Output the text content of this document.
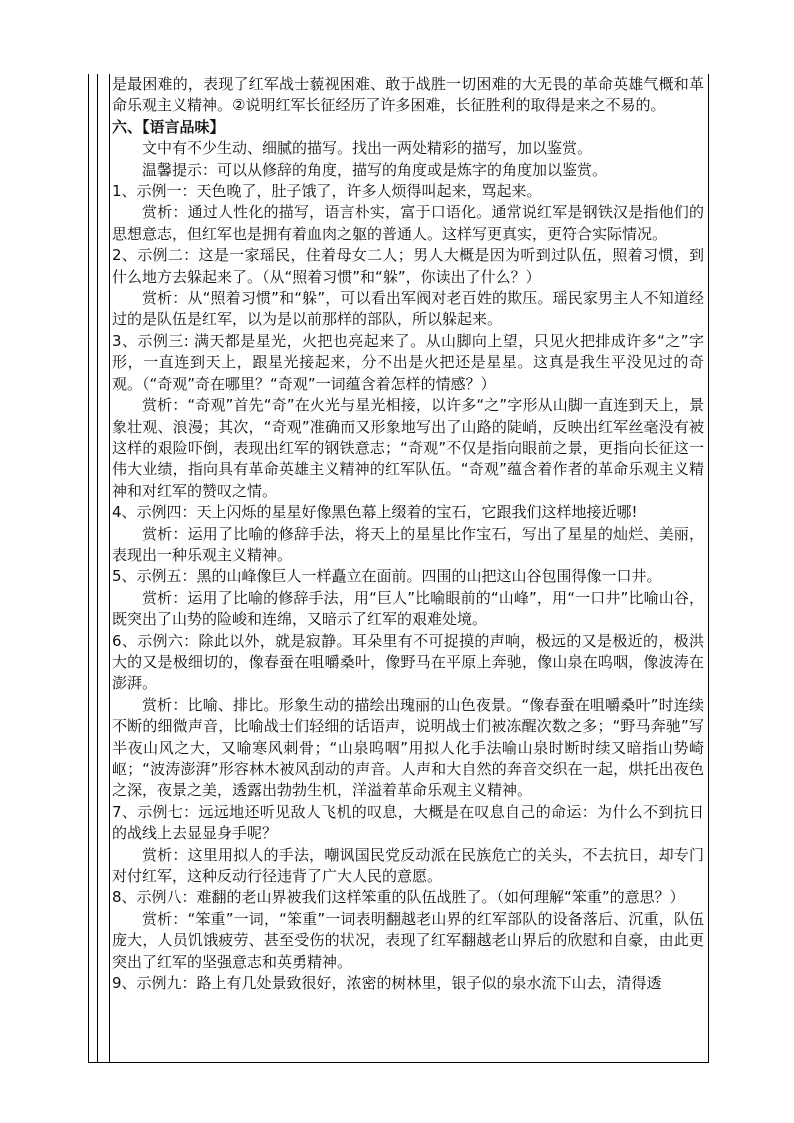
是最困难的，表现了红军战士藐视困难、敢于战胜一切困难的大无畏的革命英雄气概和革命乐观主义精神。②说明红军长征经历了许多困难，长征胜利的取得是来之不易的。

六、【语言品味】

文中有不少生动、细腻的描写。找出一两处精彩的描写，加以鉴赏。

温馨提示：可以从修辞的角度，描写的角度或是炼字的角度加以鉴赏。

1、示例一：天色晚了，肚子饿了，许多人烦得叫起来，骂起来。

赏析：通过人性化的描写，语言朴实，富于口语化。通常说红军是钢铁汉是指他们的思想意志，但红军也是拥有着血肉之躯的普通人。这样写更真实，更符合实际情况。

2、示例二：这是一家瑶民，住着母女二人；男人大概是因为听到过队伍，照着习惯，到什么地方去躲起来了。（从“照着习惯”和“躲”，你读出了什么？）

赏析：从“照着习惯”和“躲”，可以看出军阀对老百姓的欺压。瑶民家男主人不知道经过的是队伍是红军，以为是以前那样的部队，所以躲起来。

3、示例三: 满天都是星光，火把也亮起来了。从山脚向上望，只见火把排成许多“之”字形，一直连到天上，跟星光接起来，分不出是火把还是星星。这真是我生平没见过的奇观。（“奇观”奇在哪里？“奇观”一词蕴含着怎样的情感？）

赏析：“奇观”首先“奇”在火光与星光相接，以许多“之”字形从山脚一直连到天上，景象壮观、浪漫；其次，“奇观”准确而又形象地写出了山路的陡峭，反映出红军丝毫没有被这样的艰险吓倒，表现出红军的钢铁意志；“奇观”不仅是指向眼前之景，更指向长征这一伟大业绩，指向具有革命英雄主义精神的红军队伍。“奇观”蕴含着作者的革命乐观主义精神和对红军的赞叹之情。

4、示例四：天上闪烁的星星好像黑色幕上缀着的宝石，它跟我们这样地接近哪!

赏析：运用了比喻的修辞手法，将天上的星星比作宝石，写出了星星的灿烂、美丽，表现出一种乐观主义精神。

5、示例五：黑的山峰像巨人一样矗立在面前。四围的山把这山谷包围得像一口井。

赏析：运用了比喻的修辞手法，用“巨人”比喻眼前的“山峰”，用“一口井”比喻山谷，既突出了山势的险峻和连绵，又暗示了红军的艰难处境。

6、示例六：除此以外，就是寂静。耳朵里有不可捉摸的声响，极远的又是极近的，极洪大的又是极细切的，像春蚕在咀嚼桑叶，像野马在平原上奔驰，像山泉在呜咽，像波涛在澎湃。

赏析：比喻、排比。形象生动的描绘出瑰丽的山色夜景。“像春蚕在咀嚼桑叶”时连续不断的细微声音，比喻战士们轻细的话语声，说明战士们被冻醒次数之多；“野马奔驰”写半夜山风之大，又喻寒风刺骨；“山泉呜咽”用拟人化手法喻山泉时断时续又暗指山势崎岖；“波涛澎湃”形容林木被风刮动的声音。人声和大自然的奔音交织在一起，烘托出夜色之深，夜景之美，透露出勃勃生机，洋溢着革命乐观主义精神。

7、示例七：远远地还听见敌人飞机的叹息，大概是在叹息自己的命运：为什么不到抗日的战线上去显显身手呢？

赏析：这里用拟人的手法，嘲讽国民党反动派在民族危亡的关头，不去抗日，却专门对付红军，这种反动行径违背了广大人民的意愿。

8、示例八：难翻的老山界被我们这样笨重的队伍战胜了。（如何理解“笨重”的意思？）

赏析：“笨重”一词，“笨重”一词表明翻越老山界的红军部队的设备落后、沉重，队伍庞大，人员饥饿疲劳、甚至受伤的状况，表现了红军翻越老山界后的欣慰和自豪，由此更突出了红军的坚强意志和英勇精神。

9、示例九：路上有几处景致很好，浓密的树林里，银子似的泉水流下山去，清得透
